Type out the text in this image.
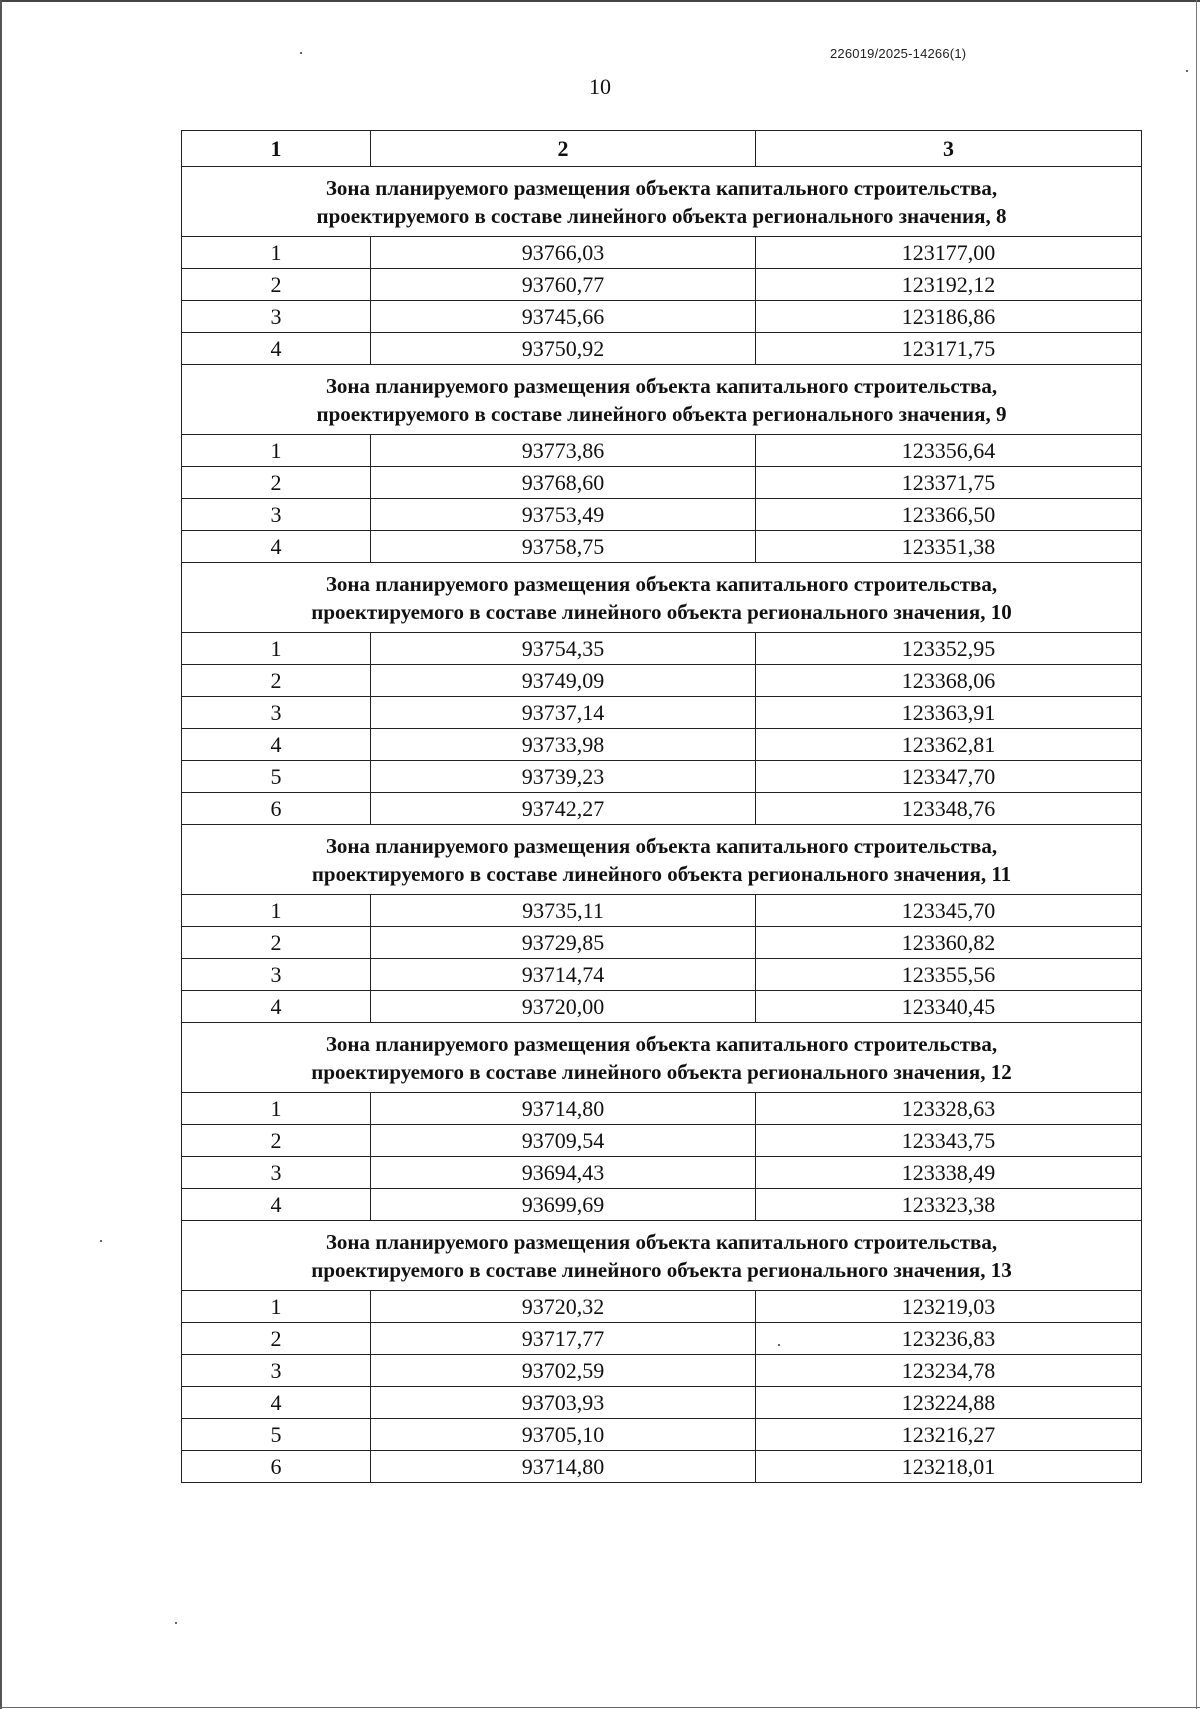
226019/2025-14266(1)
10
1	2	3

Зона планируемого размещения объекта капитального строительства,
проектируемого в составе линейного объекта регионального значения, 8		

1	93766,03	123177,00
2	93760,77	123192,12
3	93745,66	123186,86
4	93750,92	123171,75

Зона планируемого размещения объекта капитального строительства,
проектируемого в составе линейного объекта регионального значения, 9		

1	93773,86	123356,64
2	93768,60	123371,75
3	93753,49	123366,50
4	93758,75	123351,38

Зона планируемого размещения объекта капитального строительства,
проектируемого в составе линейного объекта регионального значения, 10		

1	93754,35	123352,95
2	93749,09	123368,06
3	93737,14	123363,91
4	93733,98	123362,81
5	93739,23	123347,70
6	93742,27	123348,76

Зона планируемого размещения объекта капитального строительства,
проектируемого в составе линейного объекта регионального значения, 11		

1	93735,11	123345,70
2	93729,85	123360,82
3	93714,74	123355,56
4	93720,00	123340,45

Зона планируемого размещения объекта капитального строительства,
проектируемого в составе линейного объекта регионального значения, 12		

1	93714,80	123328,63
2	93709,54	123343,75
3	93694,43	123338,49
4	93699,69	123323,38

Зона планируемого размещения объекта капитального строительства,
проектируемого в составе линейного объекта регионального значения, 13		

1	93720,32	123219,03
2	93717,77	123236,83
3	93702,59	123234,78
4	93703,93	123224,88
5	93705,10	123216,27
6	93714,80	123218,01
